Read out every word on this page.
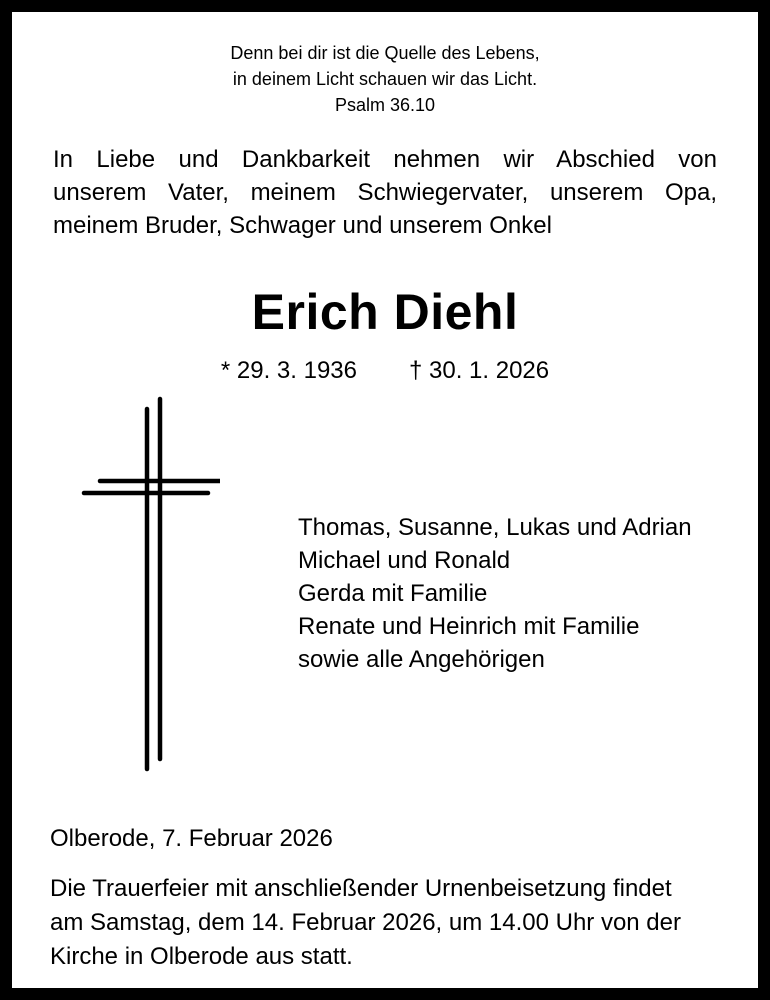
Denn bei dir ist die Quelle des Lebens,
in deinem Licht schauen wir das Licht.
Psalm 36.10
In Liebe und Dankbarkeit nehmen wir Abschied von
unserem Vater, meinem Schwiegervater, unserem Opa,
meinem Bruder, Schwager und unserem Onkel
Erich Diehl
* 29. 3. 1936 † 30. 1. 2026
Thomas, Susanne, Lukas und Adrian
Michael und Ronald
Gerda mit Familie
Renate und Heinrich mit Familie
sowie alle Angehörigen
Olberode, 7. Februar 2026
Die Trauerfeier mit anschließender Urnenbeisetzung findet
am Samstag, dem 14. Februar 2026, um 14.00 Uhr von der
Kirche in Olberode aus statt.
